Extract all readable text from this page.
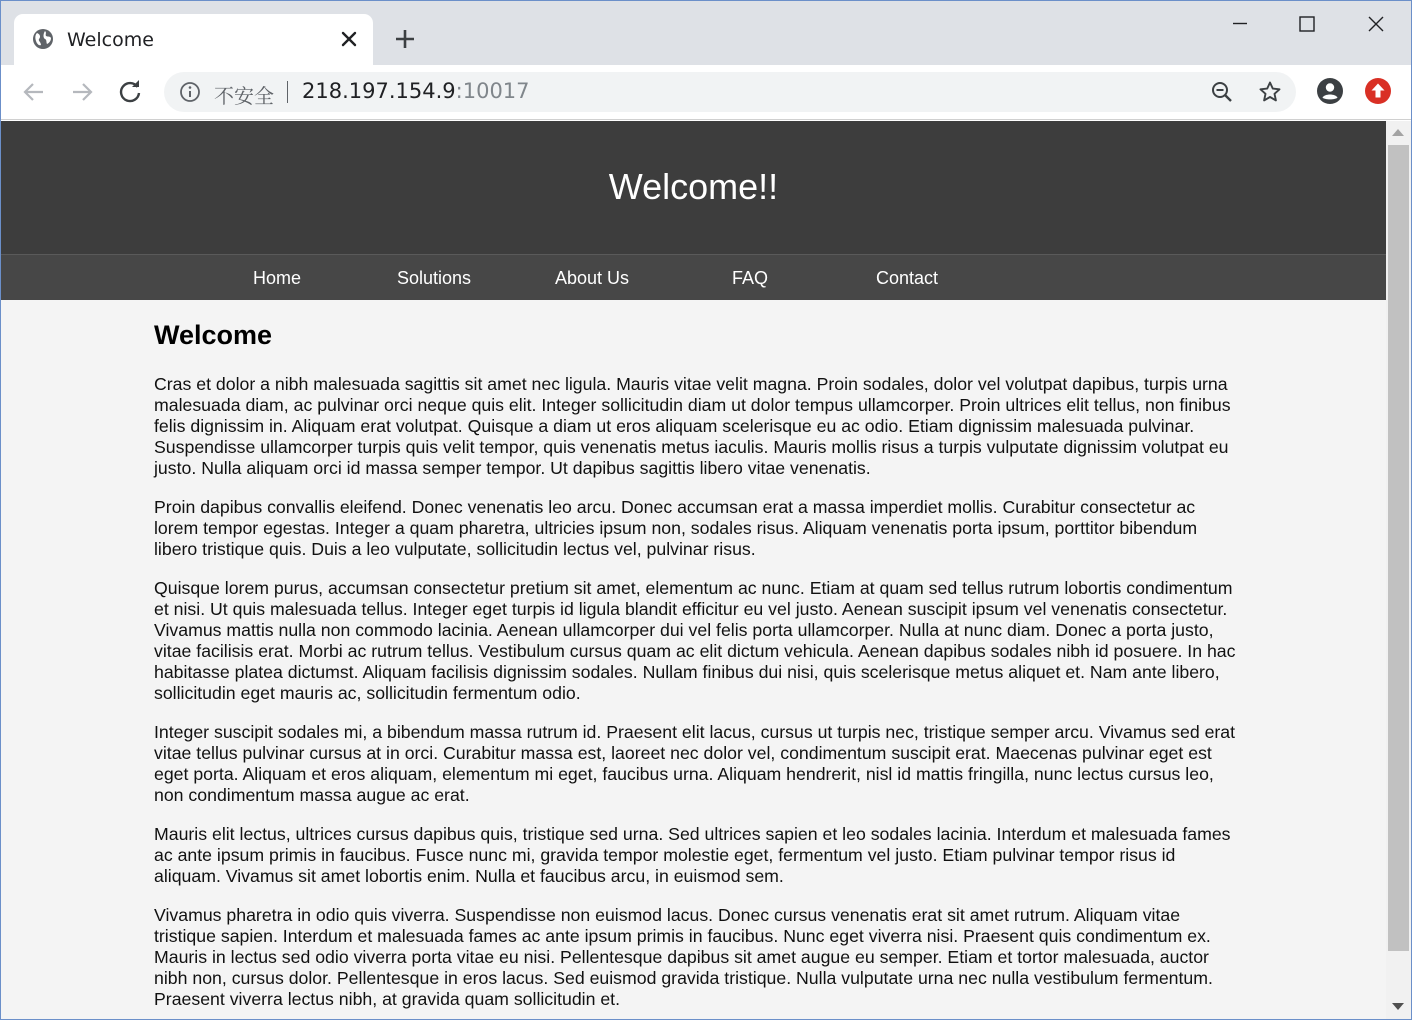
Welcome
不安全 218.197.154.9:10017
Welcome!!
Home	Solutions	About Us	FAQ	Contact
Welcome

Cras et dolor a nibh malesuada sagittis sit amet nec ligula. Mauris vitae velit magna. Proin sodales, dolor vel volutpat dapibus, turpis urna malesuada diam, ac pulvinar orci neque quis elit. Integer sollicitudin diam ut dolor tempus ullamcorper. Proin ultrices elit tellus, non finibus felis dignissim in. Aliquam erat volutpat. Quisque a diam ut eros aliquam scelerisque eu ac odio. Etiam dignissim malesuada pulvinar. Suspendisse ullamcorper turpis quis velit tempor, quis venenatis metus iaculis. Mauris mollis risus a turpis vulputate dignissim volutpat eu justo. Nulla aliquam orci id massa semper tempor. Ut dapibus sagittis libero vitae venenatis.

Proin dapibus convallis eleifend. Donec venenatis leo arcu. Donec accumsan erat a massa imperdiet mollis. Curabitur consectetur ac lorem tempor egestas. Integer a quam pharetra, ultricies ipsum non, sodales risus. Aliquam venenatis porta ipsum, porttitor bibendum libero tristique quis. Duis a leo vulputate, sollicitudin lectus vel, pulvinar risus.

Quisque lorem purus, accumsan consectetur pretium sit amet, elementum ac nunc. Etiam at quam sed tellus rutrum lobortis condimentum et nisi. Ut quis malesuada tellus. Integer eget turpis id ligula blandit efficitur eu vel justo. Aenean suscipit ipsum vel venenatis consectetur. Vivamus mattis nulla non commodo lacinia. Aenean ullamcorper dui vel felis porta ullamcorper. Nulla at nunc diam. Donec a porta justo, vitae facilisis erat. Morbi ac rutrum tellus. Vestibulum cursus quam ac elit dictum vehicula. Aenean dapibus sodales nibh id posuere. In hac habitasse platea dictumst. Aliquam facilisis dignissim sodales. Nullam finibus dui nisi, quis scelerisque metus aliquet et. Nam ante libero, sollicitudin eget mauris ac, sollicitudin fermentum odio.

Integer suscipit sodales mi, a bibendum massa rutrum id. Praesent elit lacus, cursus ut turpis nec, tristique semper arcu. Vivamus sed erat vitae tellus pulvinar cursus at in orci. Curabitur massa est, laoreet nec dolor vel, condimentum suscipit erat. Maecenas pulvinar eget est eget porta. Aliquam et eros aliquam, elementum mi eget, faucibus urna. Aliquam hendrerit, nisl id mattis fringilla, nunc lectus cursus leo, non condimentum massa augue ac erat.

Mauris elit lectus, ultrices cursus dapibus quis, tristique sed urna. Sed ultrices sapien et leo sodales lacinia. Interdum et malesuada fames ac ante ipsum primis in faucibus. Fusce nunc mi, gravida tempor molestie eget, fermentum vel justo. Etiam pulvinar tempor risus id aliquam. Vivamus sit amet lobortis enim. Nulla et faucibus arcu, in euismod sem.

Vivamus pharetra in odio quis viverra. Suspendisse non euismod lacus. Donec cursus venenatis erat sit amet rutrum. Aliquam vitae tristique sapien. Interdum et malesuada fames ac ante ipsum primis in faucibus. Nunc eget viverra nisi. Praesent quis condimentum ex. Mauris in lectus sed odio viverra porta vitae eu nisi. Pellentesque dapibus sit amet augue eu semper. Etiam et tortor malesuada, auctor nibh non, cursus dolor. Pellentesque in eros lacus. Sed euismod gravida tristique. Nulla vulputate urna nec nulla vestibulum fermentum. Praesent viverra lectus nibh, at gravida quam sollicitudin et.
